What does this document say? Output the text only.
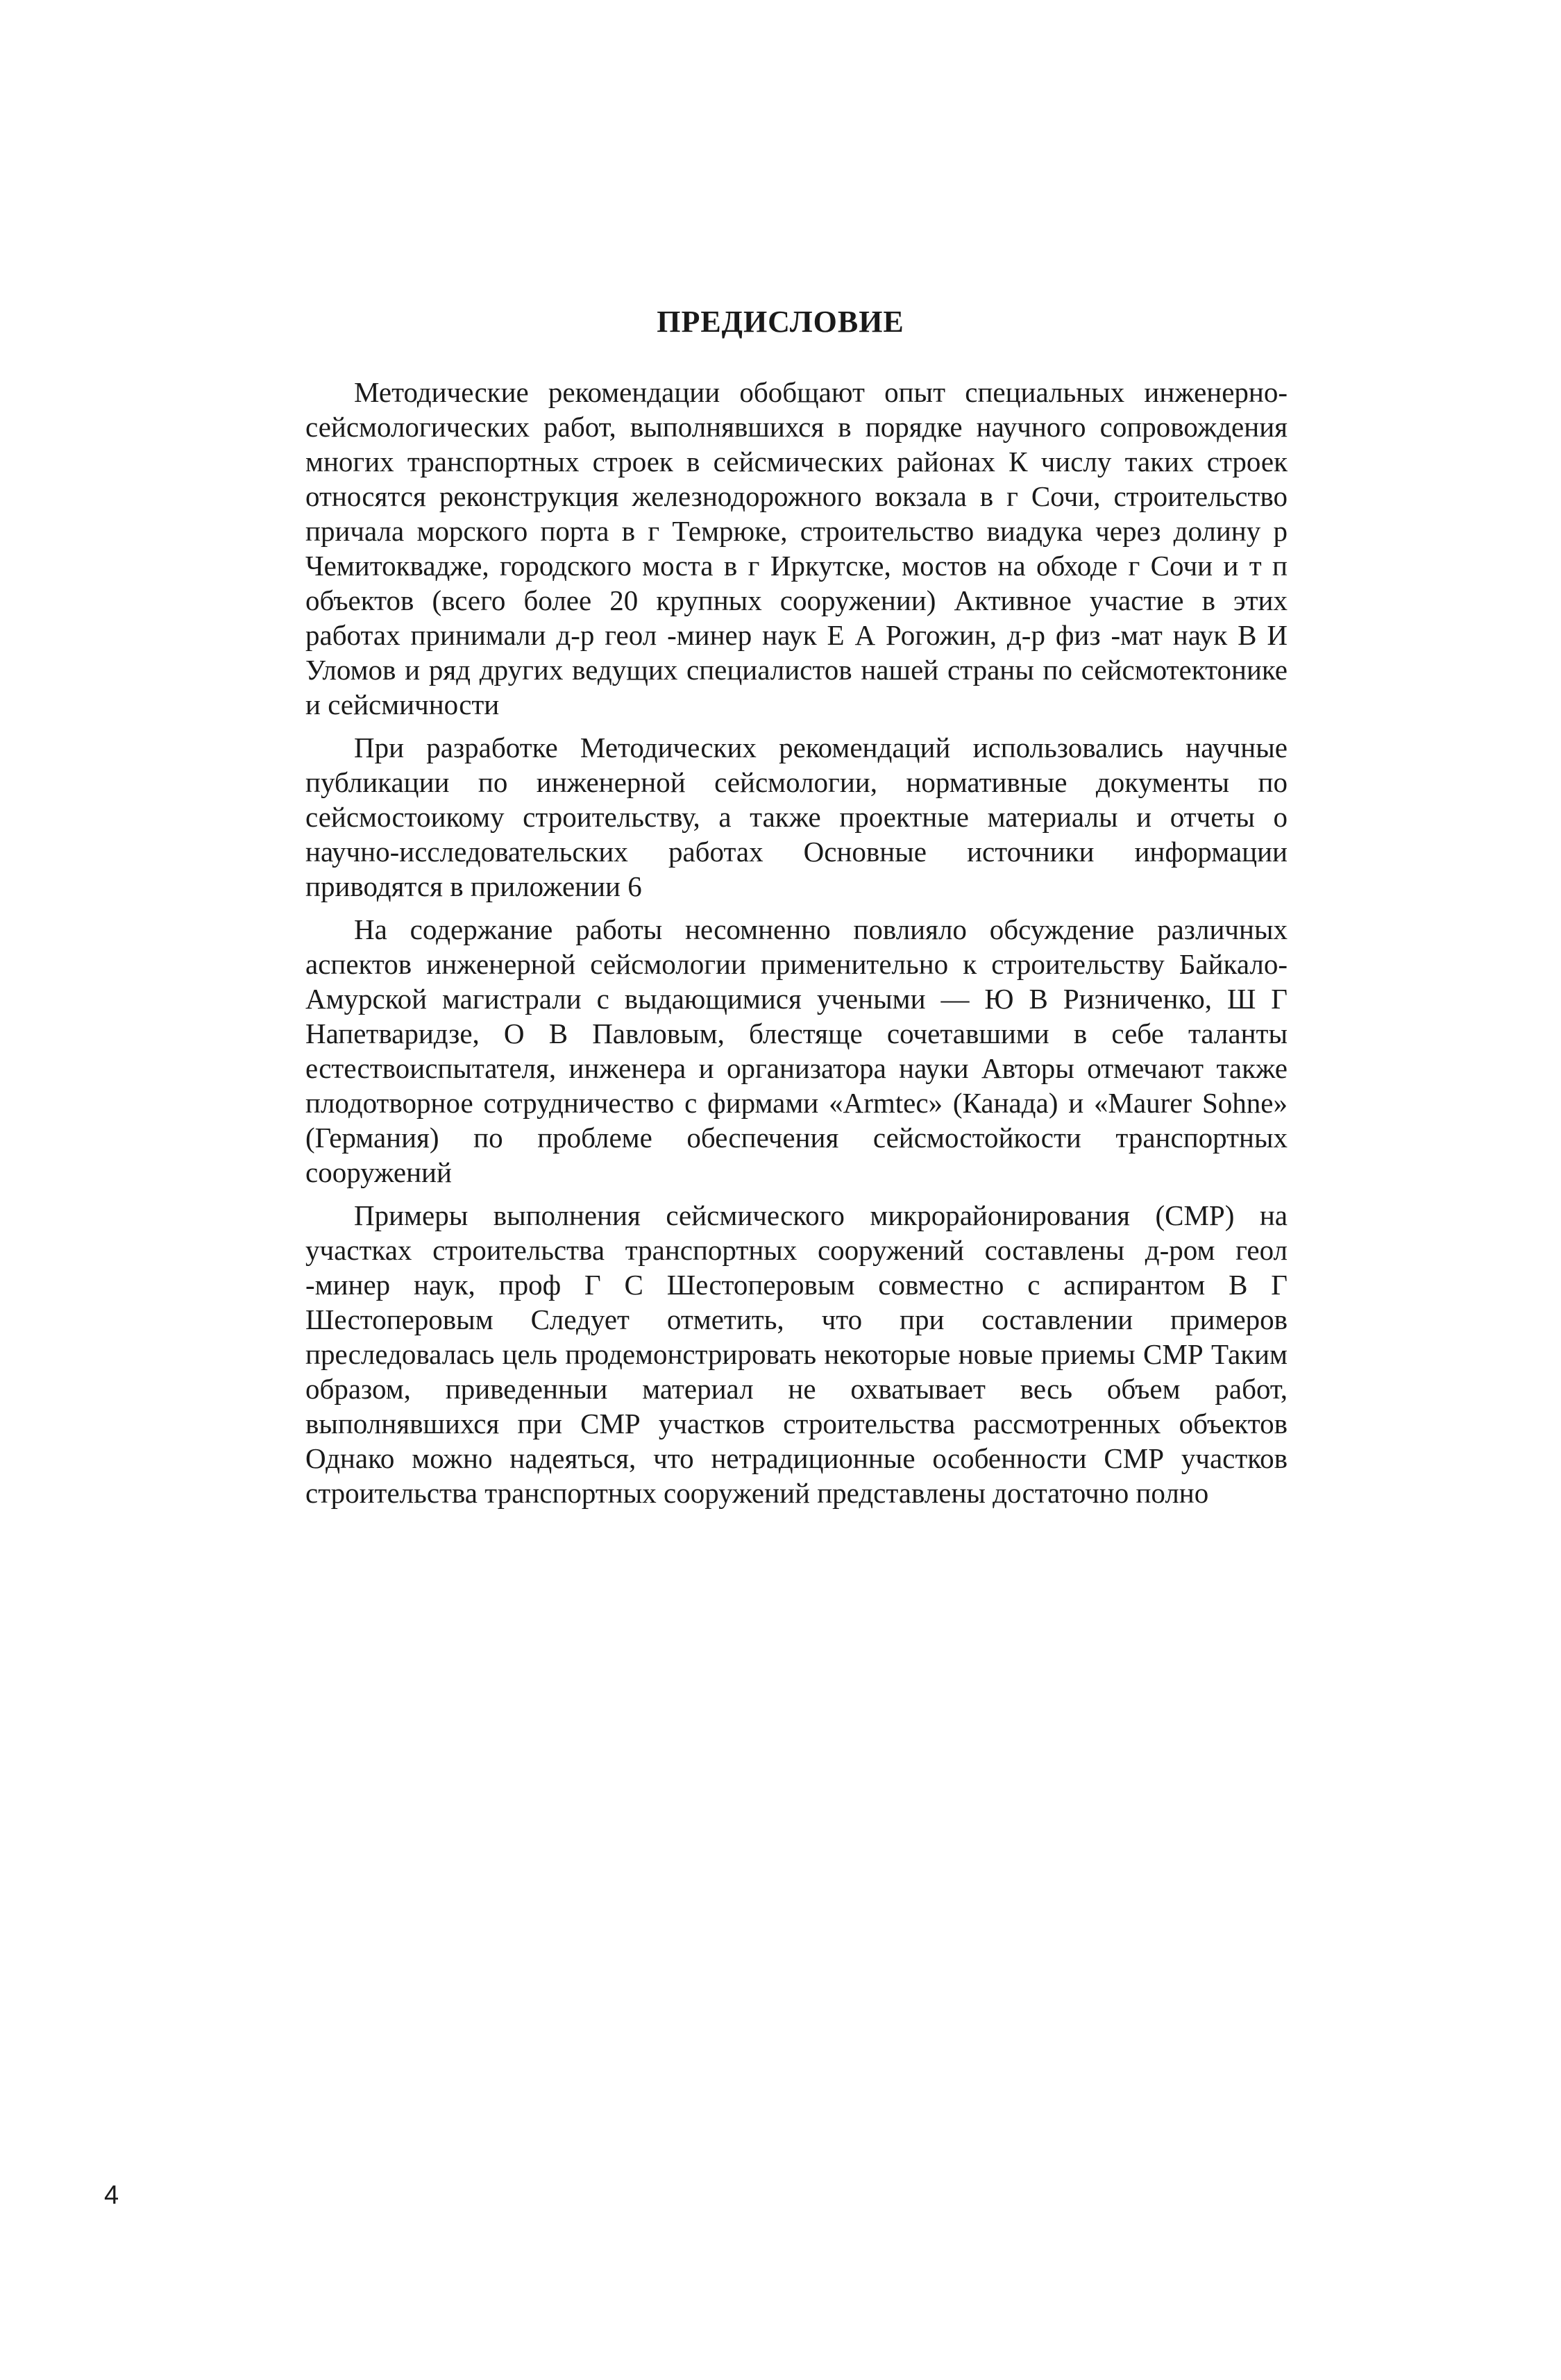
ПРЕДИСЛОВИЕ

Методические рекомендации обобщают опыт специальных инженерно-сейсмологических работ, выполнявшихся в порядке научного сопровождения многих транспортных строек в сейсмических районах К числу таких строек относятся реконструкция железнодорожного вокзала в г Сочи, строительство причала морского порта в г Темрюке, строительство виадука через долину р Чемитоквадже, городского моста в г Иркутске, мостов на обходе г Сочи и т п объектов (всего более 20 крупных сооружении) Активное участие в этих работах принимали д-р геол -минер наук Е А Рогожин, д-р физ -мат наук В И Уломов и ряд других ведущих специалистов нашей страны по сейсмотектонике и сейсмичности

При разработке Методических рекомендаций использовались научные публикации по инженерной сейсмологии, нормативные документы по сейсмостоикому строительству, а также проектные материалы и отчеты о научно-исследовательских работах Основные источники информации приводятся в приложении 6

На содержание работы несомненно повлияло обсуждение различных аспектов инженерной сейсмологии применительно к строительству Байкало-Амурской магистрали с выдающимися учеными — Ю В Ризниченко, Ш Г Напетваридзе, О В Павловым, блестяще сочетавшими в себе таланты естествоиспытателя, инженера и организатора науки Авторы отмечают также плодотворное сотрудничество с фирмами «Armtec» (Канада) и «Maurer Sohne» (Германия) по проблеме обеспечения сейсмостойкости транспортных сооружений

Примеры выполнения сейсмического микрорайонирования (СМР) на участках строительства транспортных сооружений составлены д-ром геол -минер наук, проф Г С Шестоперовым совместно с аспирантом В Г Шестоперовым Следует отметить, что при составлении примеров преследовалась цель продемонстрировать некоторые новые приемы СМР Таким образом, приведенныи материал не охватывает весь объем работ, выполнявшихся при СМР участков строительства рассмотренных объектов Однако можно надеяться, что нетрадиционные особенности СМР участков строительства транспортных сооружений представлены достаточно полно

4
